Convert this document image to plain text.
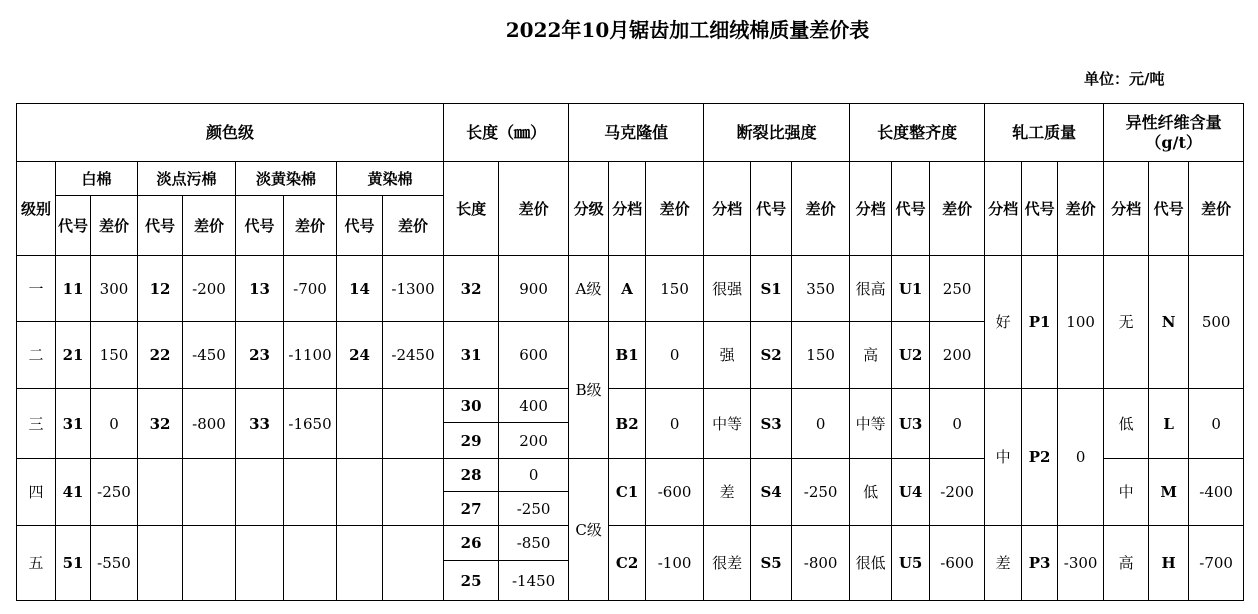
2022年10月锯齿加工细绒棉质量差价表
单位：元/吨
颜色级									长度（㎜）		马克隆值			断裂比强度			长度整齐度			轧工质量			异性纤维含量
（g/t）		

级别	白棉		淡点污棉		淡黄染棉		黄染棉		长度	差价	分级	分档	差价	分档	代号	差价	分档	代号	差价	分档	代号	差价	分档	代号	差价
	代号	差价	代号	差价	代号	差价	代号	差价																	
一	11	300	12	-200	13	-700	14	-1300	32	900	A级	A	150	很强	S1	350	很高	U1	250	好	P1	100	无	N	500
二	21	150	22	-450	23	-1100	24	-2450	31	600	B级	B1	0	强	S2	150	高	U2	200						
三	31	0	32	-800	33	-1650			30	400		B2	0	中等	S3	0	中等	U3	0	中	P2	0	低	L	0
									29	200															
四	41	-250							28	0	C级	C1	-600	差	S4	-250	低	U4	-200				中	M	-400
									27	-250															
五	51	-550							26	-850		C2	-100	很差	S5	-800	很低	U5	-600	差	P3	-300	高	H	-700
									25	-1450															
